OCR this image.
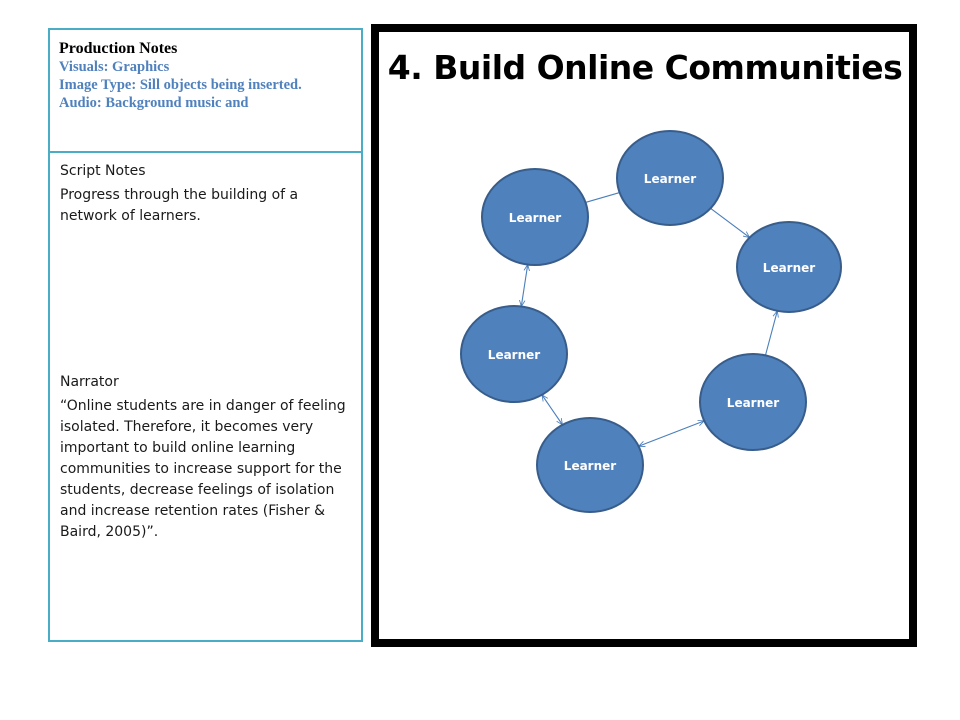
Production Notes
Visuals: Graphics
Image Type: Sill objects being inserted.
Audio: Background music and

Script Notes

Progress through the building of a network of learners.

Narrator

“Online students are in danger of feeling isolated. Therefore, it becomes very important to build online learning communities to increase support for the students, decrease feelings of isolation and increase retention rates (Fisher & Baird, 2005)”.

4. Build Online Communities
Learner
Learner
Learner
Learner
Learner
Learner
